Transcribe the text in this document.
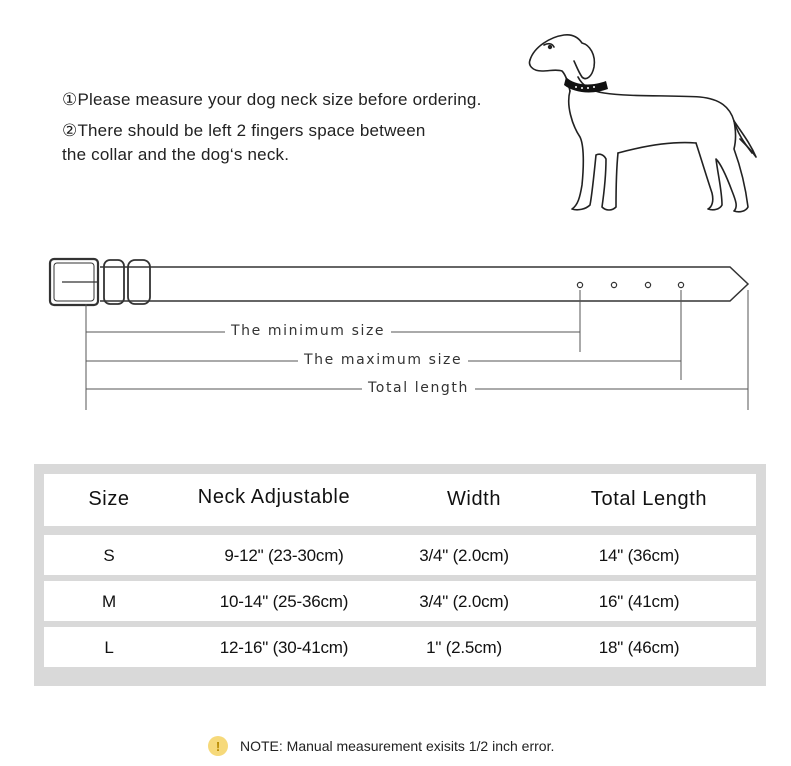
①Please measure your dog neck size before ordering.
②There should be left 2 fingers space between
the collar and the dog‘s neck.
The minimum size
The maximum size
Total length
Size	Neck Adjustable	Width	Total Length
S	9-12" (23-30cm)	3/4" (2.0cm)	14" (36cm)
M	10-14" (25-36cm)	3/4" (2.0cm)	16" (41cm)
L	12-16" (30-41cm)	1" (2.5cm)	18" (46cm)
!	NOTE: Manual measurement exisits 1/2 inch error.
